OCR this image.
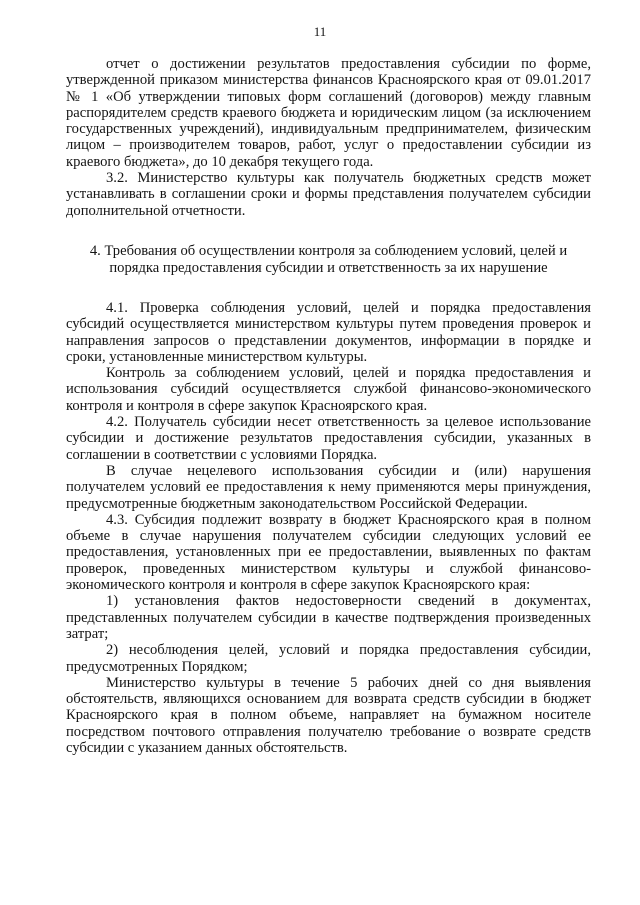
11

отчет о достижении результатов предоставления субсидии по форме, утвержденной приказом министерства финансов Красноярского края от 09.01.2017 № 1 «Об утверждении типовых форм соглашений (договоров) между главным распорядителем средств краевого бюджета и юридическим лицом (за исключением государственных учреждений), индивидуальным предпринимателем, физическим лицом – производителем товаров, работ, услуг о предоставлении субсидии из краевого бюджета», до 10 декабря текущего года.

3.2. Министерство культуры как получатель бюджетных средств может устанавливать в соглашении сроки и формы представления получателем субсидии дополнительной отчетности.

4. Требования об осуществлении контроля за соблюдением условий, целей и
порядка предоставления субсидии и ответственность за их нарушение

4.1. Проверка соблюдения условий, целей и порядка предоставления субсидий осуществляется министерством культуры путем проведения проверок и направления запросов о представлении документов, информации в порядке и сроки, установленные министерством культуры.

Контроль за соблюдением условий, целей и порядка предоставления и использования субсидий осуществляется службой финансово-экономического контроля и контроля в сфере закупок Красноярского края.

4.2. Получатель субсидии несет ответственность за целевое использование субсидии и достижение результатов предоставления субсидии, указанных в соглашении в соответствии с условиями Порядка.

В случае нецелевого использования субсидии и (или) нарушения получателем условий ее предоставления к нему применяются меры принуждения, предусмотренные бюджетным законодательством Российской Федерации.

4.3. Субсидия подлежит возврату в бюджет Красноярского края в полном объеме в случае нарушения получателем субсидии следующих условий ее предоставления, установленных при ее предоставлении, выявленных по фактам проверок, проведенных министерством культуры и службой финансово-экономического контроля и контроля в сфере закупок Красноярского края:

1) установления фактов недостоверности сведений в документах, представленных получателем субсидии в качестве подтверждения произведенных затрат;

2) несоблюдения целей, условий и порядка предоставления субсидии, предусмотренных Порядком;

Министерство культуры в течение 5 рабочих дней со дня выявления обстоятельств, являющихся основанием для возврата средств субсидии в бюджет Красноярского края в полном объеме, направляет на бумажном носителе посредством почтового отправления получателю требование о возврате средств субсидии с указанием данных обстоятельств.
